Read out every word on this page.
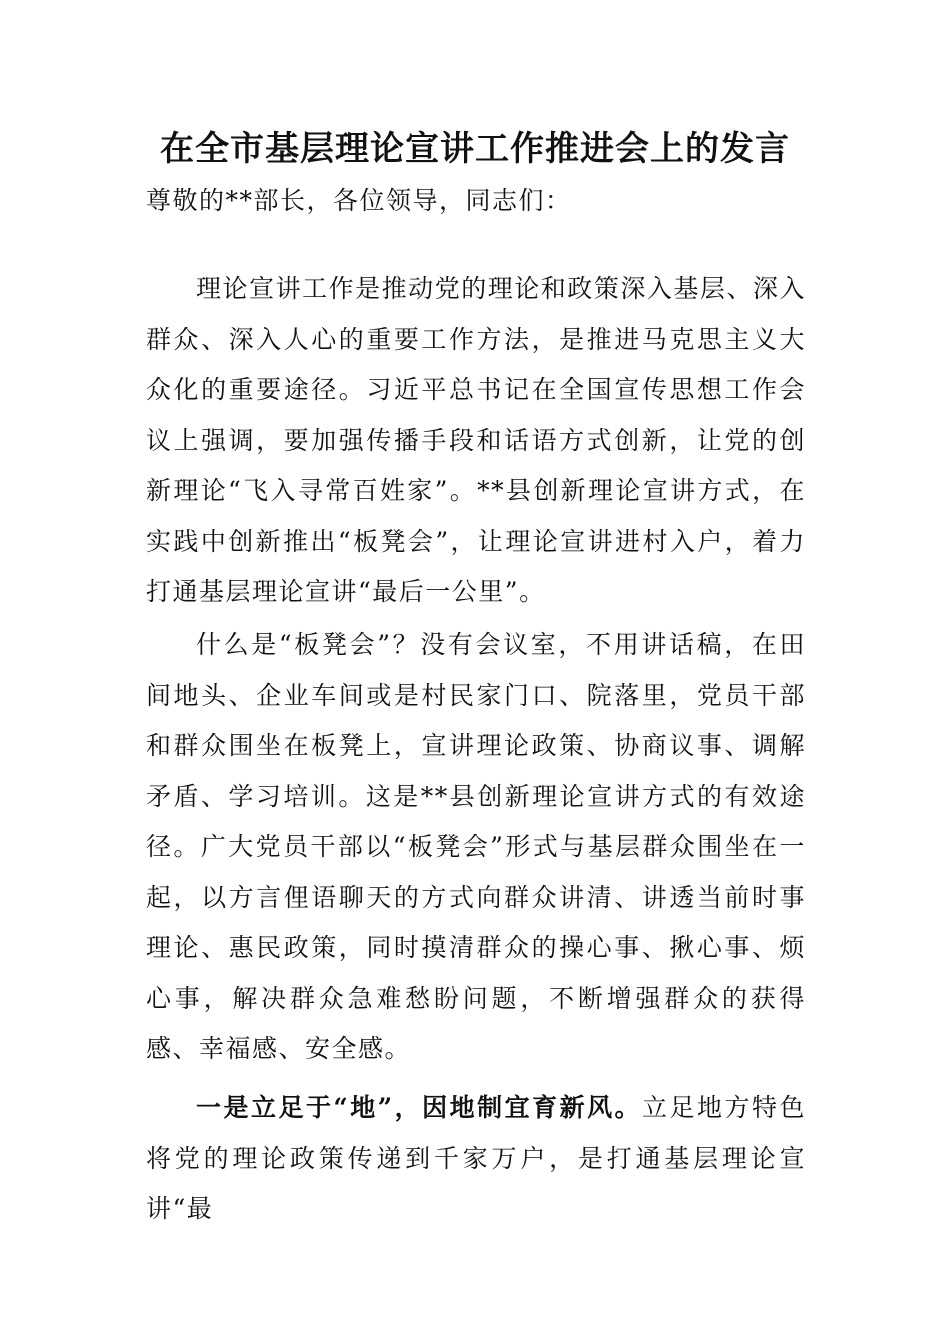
在全市基层理论宣讲工作推进会上的发言

尊敬的**部长，各位领导，同志们：

理论宣讲工作是推动党的理论和政策深入基层、深入群众、深入人心的重要工作方法，是推进马克思主义大众化的重要途径。习近平总书记在全国宣传思想工作会议上强调，要加强传播手段和话语方式创新，让党的创新理论“飞入寻常百姓家”。**县创新理论宣讲方式，在实践中创新推出“板凳会”，让理论宣讲进村入户，着力打通基层理论宣讲“最后一公里”。

什么是“板凳会”？没有会议室，不用讲话稿，在田间地头、企业车间或是村民家门口、院落里，党员干部和群众围坐在板凳上，宣讲理论政策、协商议事、调解矛盾、学习培训。这是**县创新理论宣讲方式的有效途径。广大党员干部以“板凳会”形式与基层群众围坐在一起，以方言俚语聊天的方式向群众讲清、讲透当前时事理论、惠民政策，同时摸清群众的操心事、揪心事、烦心事，解决群众急难愁盼问题，不断增强群众的获得感、幸福感、安全感。

一是立足于“地”，因地制宜育新风。立足地方特色将党的理论政策传递到千家万户，是打通基层理论宣讲“最
